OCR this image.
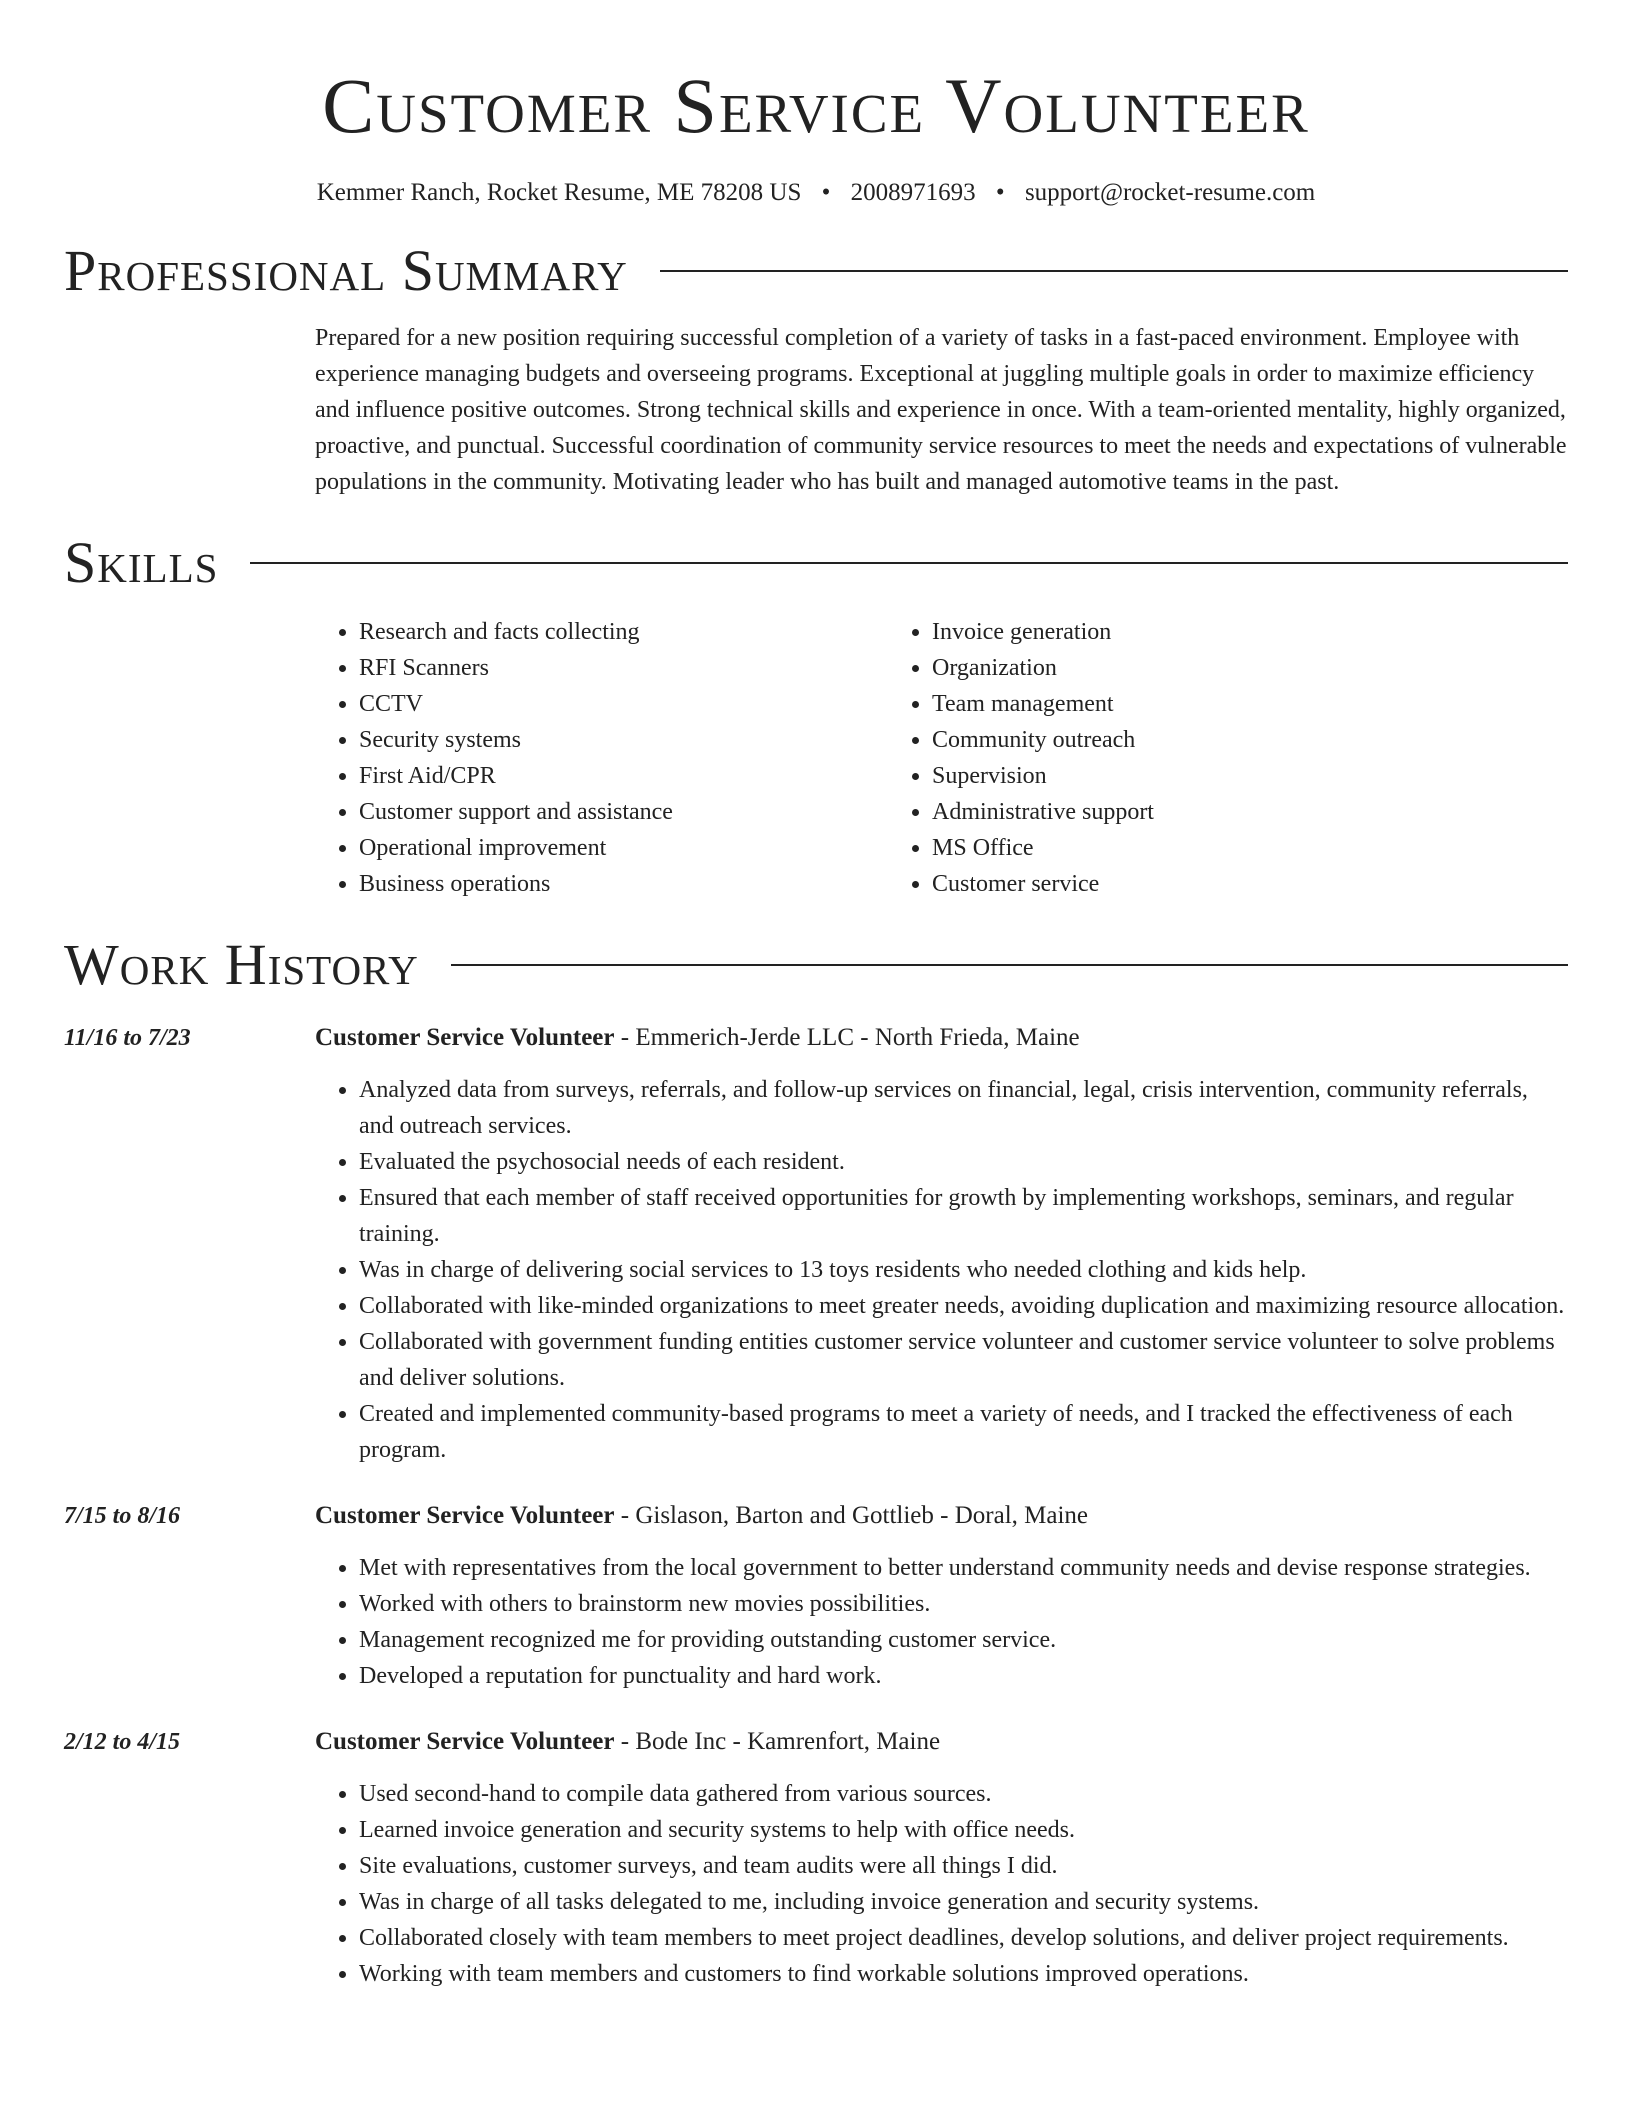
Customer Service Volunteer
Kemmer Ranch, Rocket Resume, ME 78208 US • 2008971693 • support@rocket-resume.com
Professional Summary
Prepared for a new position requiring successful completion of a variety of tasks in a fast-paced environment. Employee with experience managing budgets and overseeing programs. Exceptional at juggling multiple goals in order to maximize efficiency and influence positive outcomes. Strong technical skills and experience in once. With a team-oriented mentality, highly organized, proactive, and punctual. Successful coordination of community service resources to meet the needs and expectations of vulnerable populations in the community. Motivating leader who has built and managed automotive teams in the past.
Skills
• Research and facts collecting
• RFI Scanners
• CCTV
• Security systems
• First Aid/CPR
• Customer support and assistance
• Operational improvement
• Business operations
• Invoice generation
• Organization
• Team management
• Community outreach
• Supervision
• Administrative support
• MS Office
• Customer service
Work History
11/16 to 7/23	Customer Service Volunteer - Emmerich-Jerde LLC - North Frieda, Maine
• Analyzed data from surveys, referrals, and follow-up services on financial, legal, crisis intervention, community referrals, and outreach services.
• Evaluated the psychosocial needs of each resident.
• Ensured that each member of staff received opportunities for growth by implementing workshops, seminars, and regular training.
• Was in charge of delivering social services to 13 toys residents who needed clothing and kids help.
• Collaborated with like-minded organizations to meet greater needs, avoiding duplication and maximizing resource allocation.
• Collaborated with government funding entities customer service volunteer and customer service volunteer to solve problems and deliver solutions.
• Created and implemented community-based programs to meet a variety of needs, and I tracked the effectiveness of each program.
7/15 to 8/16	Customer Service Volunteer - Gislason, Barton and Gottlieb - Doral, Maine
• Met with representatives from the local government to better understand community needs and devise response strategies.
• Worked with others to brainstorm new movies possibilities.
• Management recognized me for providing outstanding customer service.
• Developed a reputation for punctuality and hard work.
2/12 to 4/15	Customer Service Volunteer - Bode Inc - Kamrenfort, Maine
• Used second-hand to compile data gathered from various sources.
• Learned invoice generation and security systems to help with office needs.
• Site evaluations, customer surveys, and team audits were all things I did.
• Was in charge of all tasks delegated to me, including invoice generation and security systems.
• Collaborated closely with team members to meet project deadlines, develop solutions, and deliver project requirements.
• Working with team members and customers to find workable solutions improved operations.
